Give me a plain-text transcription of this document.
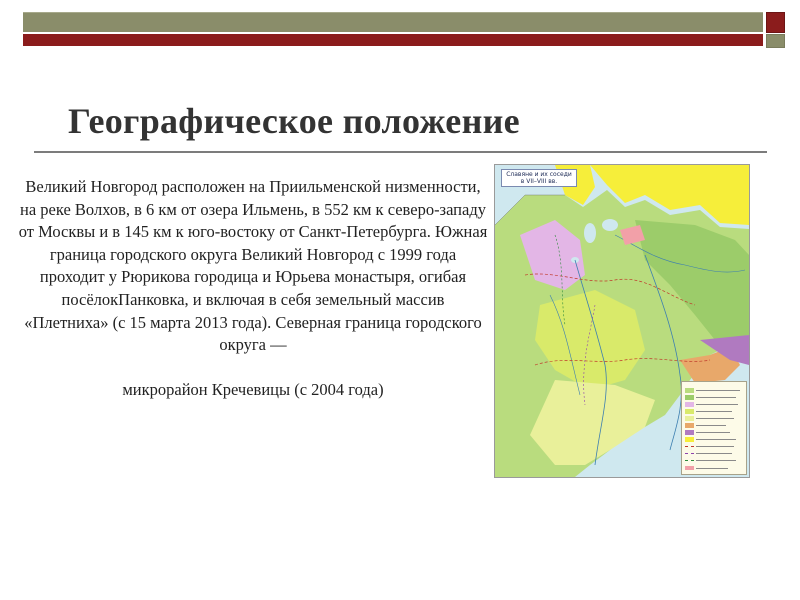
Географическое положение

Великий Новгород расположен на Приильменской низменности, на реке Волхов, в 6 км от озера Ильмень, в 552 км к северо-западу от Москвы и в 145 км к юго-востоку от Санкт-Петербурга. Южная граница городского округа Великий Новгород с 1999 года проходит у Рюрикова городица и Юрьева монастыря, огибая посёлокПанковка, и включая в себя земельный массив «Плетниха» (с 15 марта 2013 года). Северная граница городского округа —

микрорайон Кречевицы (с 2004 года)

Славяне и их соседи
в VII–VIII вв.
